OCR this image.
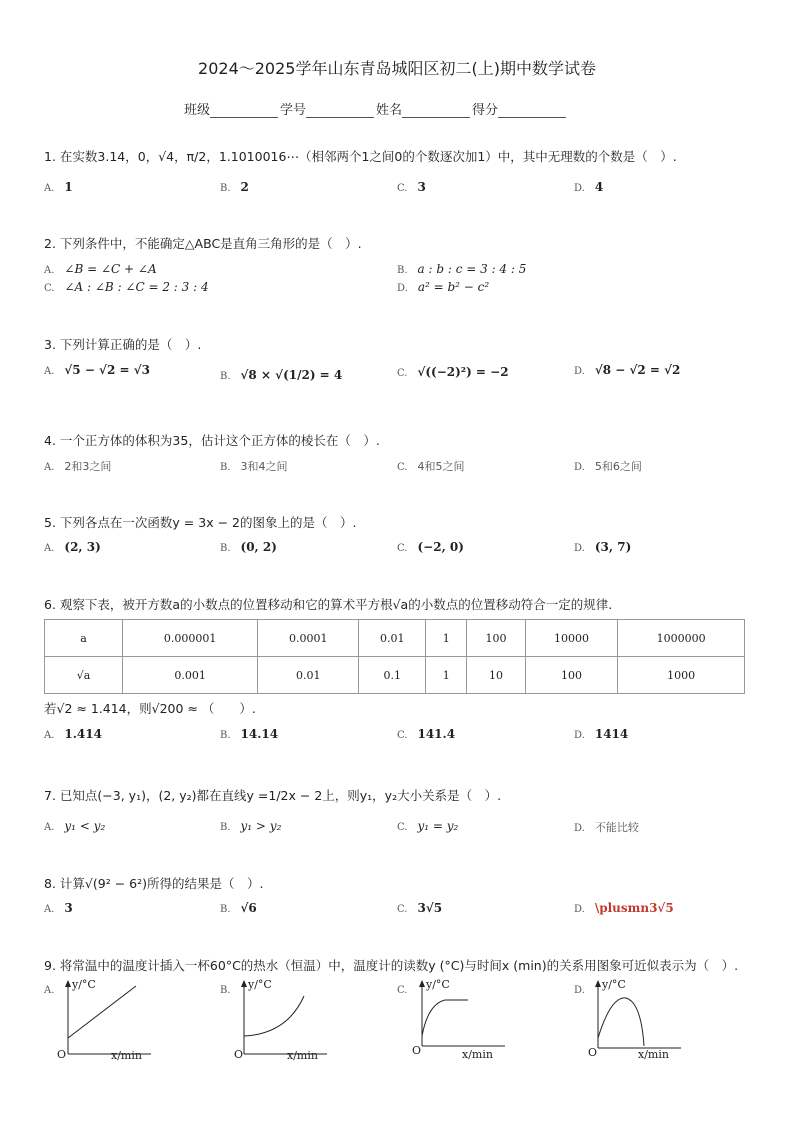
2024～2025学年山东青岛城阳区初二(上)期中数学试卷
班级	学号	姓名	得分
1. 在实数3.14，0，√4，π/2，1.1010016⋯（相邻两个1之间0的个数逐次加1）中，其中无理数的个数是（　）.
A. 1	B. 2	C. 3	D. 4
2. 下列条件中，不能确定△ABC是直角三角形的是（　）.
A. ∠B = ∠C + ∠A	B. a : b : c = 3 : 4 : 5
C. ∠A : ∠B : ∠C = 2 : 3 : 4	D. a² = b² − c²
3. 下列计算正确的是（　）.
A. √5 − √2 = √3	B. √8 × √(1/2) = 4	C. √((−2)²) = −2	D. √8 − √2 = √2
4. 一个正方体的体积为35，估计这个正方体的棱长在（　）.
A. 2和3之间	B. 3和4之间	C. 4和5之间	D. 5和6之间
5. 下列各点在一次函数y = 3x − 2的图象上的是（　）.
A. (2, 3)	B. (0, 2)	C. (−2, 0)	D. (3, 7)
6. 观察下表，被开方数a的小数点的位置移动和它的算术平方根√a的小数点的位置移动符合一定的规律.
a	0.000001	0.0001	0.01	1	100	10000	1000000
√a	0.001	0.01	0.1	1	10	100	1000
若√2 ≈ 1.414，则√200 ≈ （　　）.
A. 1.414	B. 14.14	C. 141.4	D. 1414
7. 已知点(−3, y₁)，(2, y₂)都在直线y =1/2x − 2上，则y₁，y₂大小关系是（　）.
A. y₁ < y₂	B. y₁ > y₂	C. y₁ = y₂	D. 不能比较
8. 计算√(9² − 6²)所得的结果是（　）.
A. 3	B. √6	C. 3√5	D. \plusmn3√5
9. 将常温中的温度计插入一杯60°C的热水（恒温）中，温度计的读数y (°C)与时间x (min)的关系用图象可近似表示为（　）.
A.	y/°C
O	x/min
B.	y/°C
O	x/min
C.	y/°C
O	x/min
D.	y/°C
O	x/min
